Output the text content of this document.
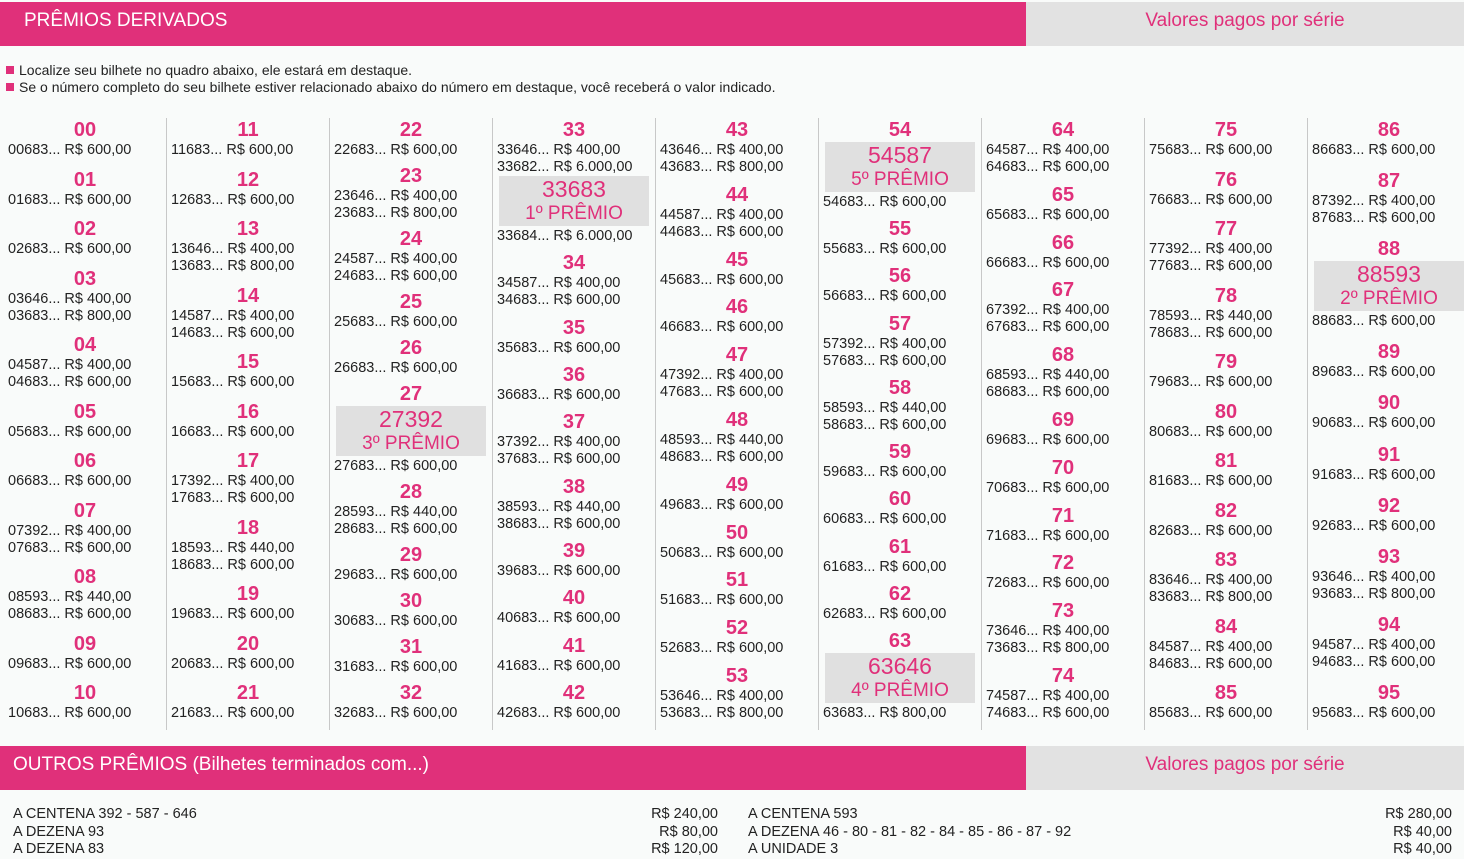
PRÊMIOS DERIVADOS	Valores pagos por série
Localize seu bilhete no quadro abaixo, ele estará em destaque.
Se o número completo do seu bilhete estiver relacionado abaixo do número em destaque, você receberá o valor indicado.
00
00683... R$ 600,00
01
01683... R$ 600,00
02
02683... R$ 600,00
03
03646... R$ 400,00
03683... R$ 800,00
04
04587... R$ 400,00
04683... R$ 600,00
05
05683... R$ 600,00
06
06683... R$ 600,00
07
07392... R$ 400,00
07683... R$ 600,00
08
08593... R$ 440,00
08683... R$ 600,00
09
09683... R$ 600,00
10
10683... R$ 600,00
11
11683... R$ 600,00
12
12683... R$ 600,00
13
13646... R$ 400,00
13683... R$ 800,00
14
14587... R$ 400,00
14683... R$ 600,00
15
15683... R$ 600,00
16
16683... R$ 600,00
17
17392... R$ 400,00
17683... R$ 600,00
18
18593... R$ 440,00
18683... R$ 600,00
19
19683... R$ 600,00
20
20683... R$ 600,00
21
21683... R$ 600,00
22
22683... R$ 600,00
23
23646... R$ 400,00
23683... R$ 800,00
24
24587... R$ 400,00
24683... R$ 600,00
25
25683... R$ 600,00
26
26683... R$ 600,00
27
27392
3º PRÊMIO
27683... R$ 600,00
28
28593... R$ 440,00
28683... R$ 600,00
29
29683... R$ 600,00
30
30683... R$ 600,00
31
31683... R$ 600,00
32
32683... R$ 600,00
33
33646... R$ 400,00
33682... R$ 6.000,00
33683
1º PRÊMIO
33684... R$ 6.000,00
34
34587... R$ 400,00
34683... R$ 600,00
35
35683... R$ 600,00
36
36683... R$ 600,00
37
37392... R$ 400,00
37683... R$ 600,00
38
38593... R$ 440,00
38683... R$ 600,00
39
39683... R$ 600,00
40
40683... R$ 600,00
41
41683... R$ 600,00
42
42683... R$ 600,00
43
43646... R$ 400,00
43683... R$ 800,00
44
44587... R$ 400,00
44683... R$ 600,00
45
45683... R$ 600,00
46
46683... R$ 600,00
47
47392... R$ 400,00
47683... R$ 600,00
48
48593... R$ 440,00
48683... R$ 600,00
49
49683... R$ 600,00
50
50683... R$ 600,00
51
51683... R$ 600,00
52
52683... R$ 600,00
53
53646... R$ 400,00
53683... R$ 800,00
54
54587
5º PRÊMIO
54683... R$ 600,00
55
55683... R$ 600,00
56
56683... R$ 600,00
57
57392... R$ 400,00
57683... R$ 600,00
58
58593... R$ 440,00
58683... R$ 600,00
59
59683... R$ 600,00
60
60683... R$ 600,00
61
61683... R$ 600,00
62
62683... R$ 600,00
63
63646
4º PRÊMIO
63683... R$ 800,00
64
64587... R$ 400,00
64683... R$ 600,00
65
65683... R$ 600,00
66
66683... R$ 600,00
67
67392... R$ 400,00
67683... R$ 600,00
68
68593... R$ 440,00
68683... R$ 600,00
69
69683... R$ 600,00
70
70683... R$ 600,00
71
71683... R$ 600,00
72
72683... R$ 600,00
73
73646... R$ 400,00
73683... R$ 800,00
74
74587... R$ 400,00
74683... R$ 600,00
75
75683... R$ 600,00
76
76683... R$ 600,00
77
77392... R$ 400,00
77683... R$ 600,00
78
78593... R$ 440,00
78683... R$ 600,00
79
79683... R$ 600,00
80
80683... R$ 600,00
81
81683... R$ 600,00
82
82683... R$ 600,00
83
83646... R$ 400,00
83683... R$ 800,00
84
84587... R$ 400,00
84683... R$ 600,00
85
85683... R$ 600,00
86
86683... R$ 600,00
87
87392... R$ 400,00
87683... R$ 600,00
88
88593
2º PRÊMIO
88683... R$ 600,00
89
89683... R$ 600,00
90
90683... R$ 600,00
91
91683... R$ 600,00
92
92683... R$ 600,00
93
93646... R$ 400,00
93683... R$ 800,00
94
94587... R$ 400,00
94683... R$ 600,00
95
95683... R$ 600,00
OUTROS PRÊMIOS (Bilhetes terminados com...)	Valores pagos por série
A CENTENA 392 - 587 - 646	R$ 240,00
A DEZENA 93	R$ 80,00
A DEZENA 83	R$ 120,00
A CENTENA 593	R$ 280,00
A DEZENA 46 - 80 - 81 - 82 - 84 - 85 - 86 - 87 - 92	R$ 40,00
A UNIDADE 3	R$ 40,00
